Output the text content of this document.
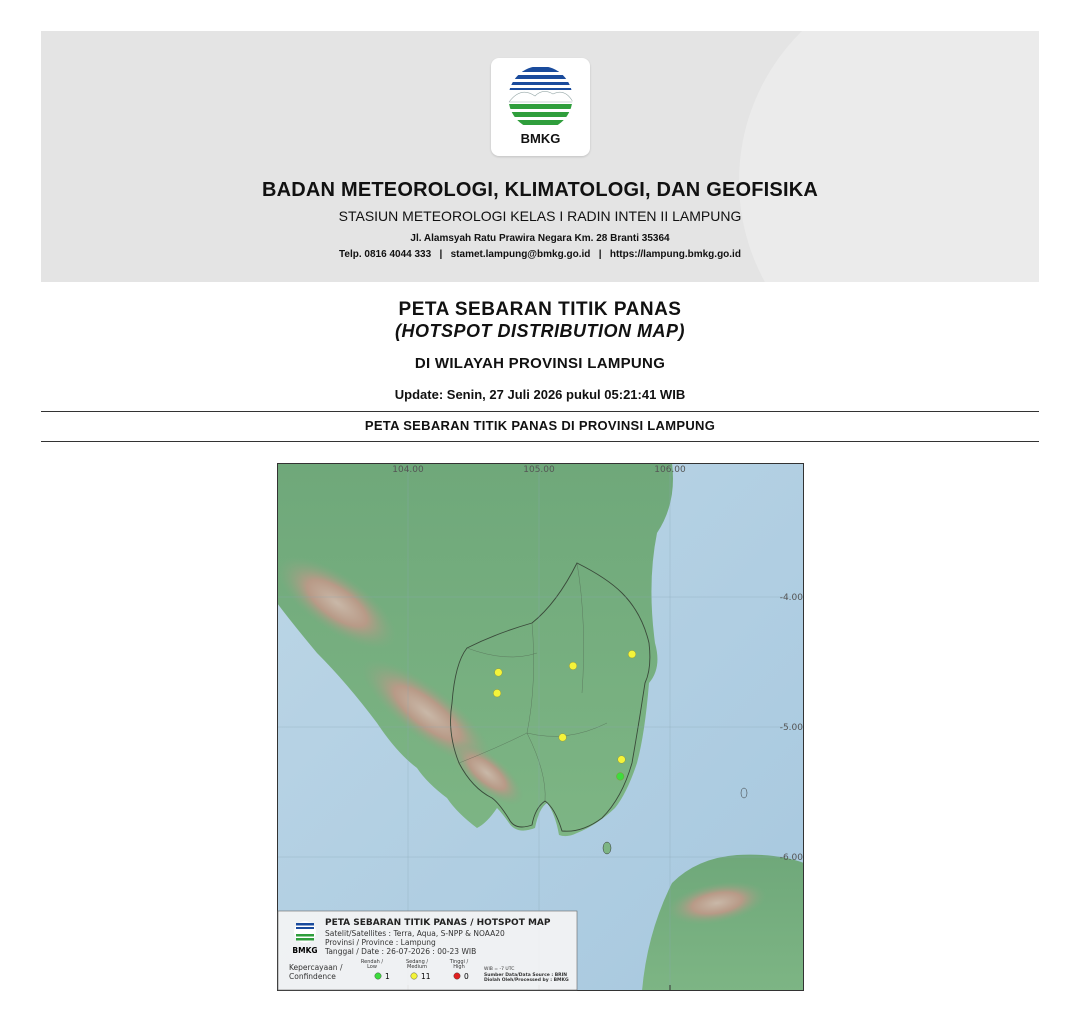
BMKG
BADAN METEOROLOGI, KLIMATOLOGI, DAN GEOFISIKA
STASIUN METEOROLOGI KELAS I RADIN INTEN II LAMPUNG
Jl. Alamsyah Ratu Prawira Negara Km. 28 Branti 35364
Telp. 0816 4044 333   |   stamet.lampung@bmkg.go.id   |   https://lampung.bmkg.go.id
PETA SEBARAN TITIK PANAS
(HOTSPOT DISTRIBUTION MAP)
DI WILAYAH PROVINSI LAMPUNG
Update: Senin, 27 Juli 2026 pukul 05:21:41 WIB
PETA SEBARAN TITIK PANAS DI PROVINSI LAMPUNG
104.00	105.00	106.00
-4.00
-5.00
-6.00
BMKG
PETA SEBARAN TITIK PANAS / HOTSPOT MAP
Satelit/Satellites : Terra, Aqua, S-NPP & NOAA20
Provinsi / Province : Lampung
Tanggal / Date : 26-07-2026 : 00-23 WIB
Kepercayaan /
Confindence
Rendah /
Low
1
Sedang /
Medium
11
Tinggi /
High
0
WIB = -7 UTC
Sumber Data/Data Source : BRIN
Diolah Oleh/Processed by : BMKG
